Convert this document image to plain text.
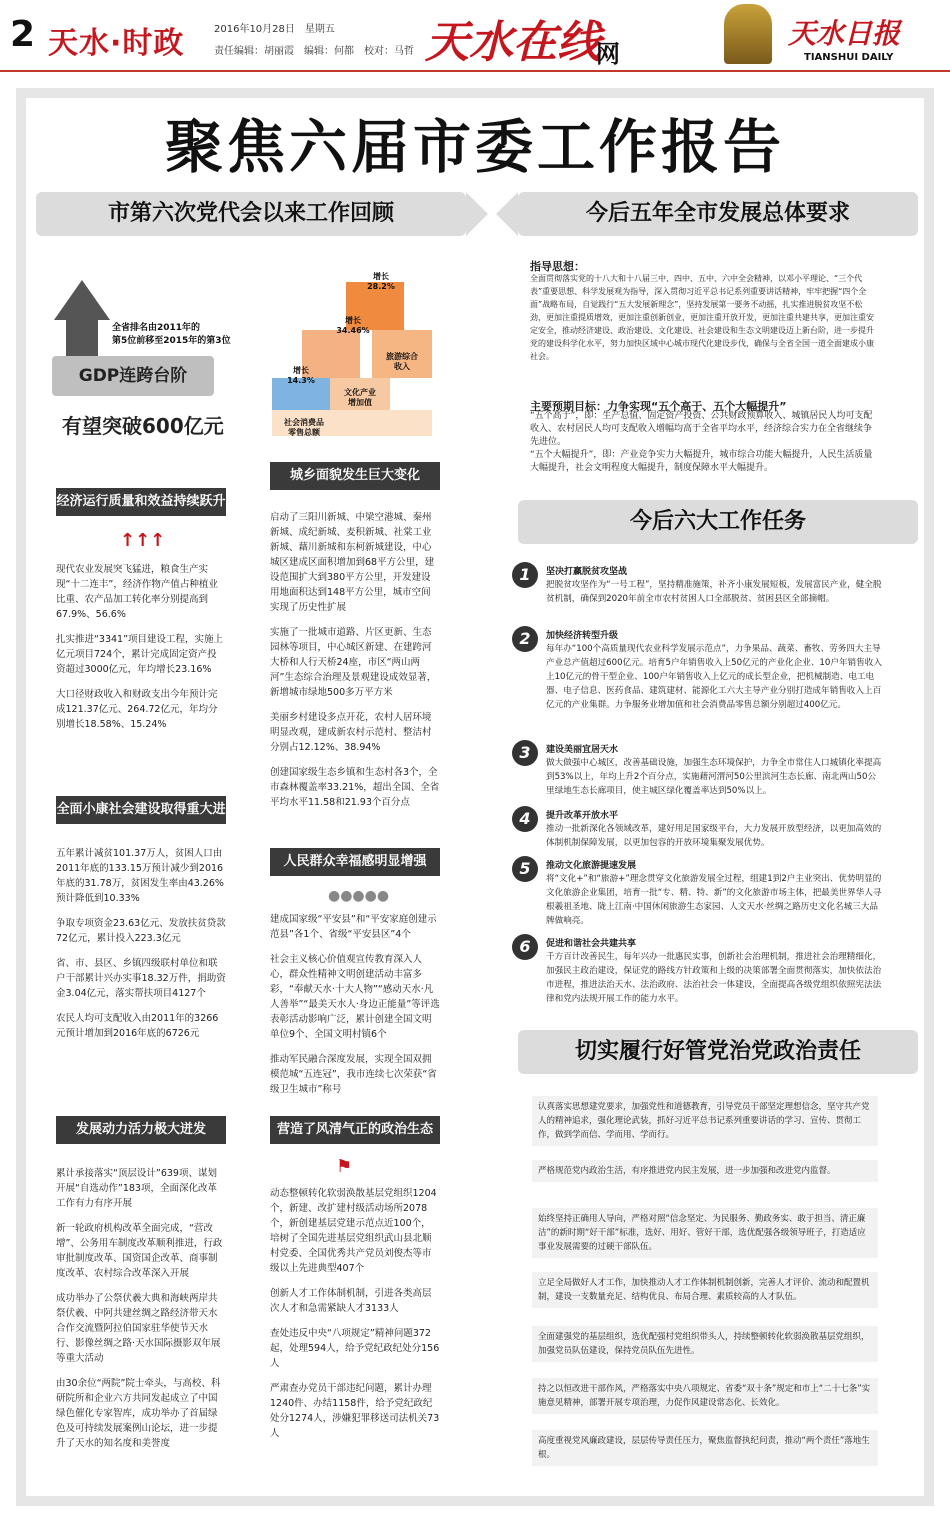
2 天水·时政	2016年10月28日　星期五
责任编辑：胡丽霞　编辑：何都　校对：马哲 天水在线
网
天水日报
TIANSHUI DAILY
聚焦六届市委工作报告
市第六次党代会以来工作回顾	今后五年全市发展总体要求
全省排名由2011年的
第5位前移至2015年的第3位
GDP连跨台阶
有望突破600亿元
增长
14.3%
增长
34.46%
增长
28.2%
社会消费品
零售总额
文化产业
增加值
旅游综合
收入
经济运行质量和效益持续跃升
↑↑↑

现代农业发展突飞猛进，粮食生产实现“十二连丰”，经济作物产值占种植业比重、农产品加工转化率分别提高到67.9%、56.6%

扎实推进“3341”项目建设工程，实施上亿元项目724个，累计完成固定资产投资超过3000亿元，年均增长23.16%

大口径财政收入和财政支出今年预计完成121.37亿元、264.72亿元，年均分别增长18.58%、15.24%

全面小康社会建设取得重大进展

五年累计减贫101.37万人，贫困人口由2011年底的133.15万预计减少到2016年底的31.78万，贫困发生率由43.26%预计降低到10.33%

争取专项资金23.63亿元、发放扶贫贷款72亿元，累计投入223.3亿元

省、市、县区、乡镇四级联村单位和联户干部累计兴办实事18.32万件，捐助资金3.04亿元，落实帮扶项目4127个

农民人均可支配收入由2011年的3266元预计增加到2016年底的6726元

发展动力活力极大迸发

累计承接落实“顶层设计”639项、谋划开展“自选动作”183项，全面深化改革工作有力有序开展

新一轮政府机构改革全面完成，“营改增”、公务用车制度改革顺利推进，行政审批制度改革、国资国企改革、商事制度改革、农村综合改革深入开展

成功举办了公祭伏羲大典和海峡两岸共祭伏羲、中阿共建丝绸之路经济带天水合作交流暨阿拉伯国家驻华使节天水行、影像丝绸之路·天水国际摄影双年展等重大活动

由30余位“两院”院士牵头，与高校、科研院所和企业六方共同发起成立了中国绿色催化专家智库，成功举办了首届绿色及可持续发展案例山论坛，进一步提升了天水的知名度和美誉度

城乡面貌发生巨大变化

启动了三阳川新城、中梁空港城、秦州新城、成纪新城、麦积新城、社棠工业新城、藉川新城和东柯新城建设，中心城区建成区面积增加到68平方公里，建设范围扩大到380平方公里，开发建设用地面积达到148平方公里，城市空间实现了历史性扩展

实施了一批城市道路、片区更新、生态园林等项目，中心城区新建、在建跨河大桥和人行天桥24座，市区“两山两河”生态综合治理及景观建设成效显著，新增城市绿地500多万平方米

美丽乡村建设多点开花，农村人居环境明显改观，建成新农村示范村、整洁村分别占12.12%、38.94%

创建国家级生态乡镇和生态村各3个，全市森林覆盖率33.21%，超出全国、全省平均水平11.58和21.93个百分点

人民群众幸福感明显增强
●●●●●

建成国家级“平安县”和“平安家庭创建示范县”各1个、省级“平安县区”4个

社会主义核心价值观宣传教育深入人心，群众性精神文明创建活动丰富多彩，“奉献天水·十大人物”“感动天水·凡人善举”“最美天水人·身边正能量”等评选表彰活动影响广泛，累计创建全国文明单位9个、全国文明村镇6个

推动军民融合深度发展，实现全国双拥模范城“五连冠”，我市连续七次荣获“省级卫生城市”称号

营造了风清气正的政治生态
⚑

动态整顿转化软弱涣散基层党组织1204个，新建、改扩建村级活动场所2078个，新创建基层党建示范点近100个，培树了全国先进基层党组织武山县北顺村党委、全国优秀共产党员刘俊杰等市级以上先进典型407个

创新人才工作体制机制，引进各类高层次人才和急需紧缺人才3133人

查处违反中央“八项规定”精神问题372起，处理594人，给予党纪政纪处分156人

严肃查办党员干部违纪问题，累计办理1240件、办结1158件，给予党纪政纪处分1274人，涉嫌犯罪移送司法机关73人

指导思想：
全面贯彻落实党的十八大和十八届三中、四中、五中、六中全会精神，以邓小平理论、“三个代表”重要思想、科学发展观为指导，深入贯彻习近平总书记系列重要讲话精神，牢牢把握“四个全面”战略布局，自觉践行“五大发展新理念”，坚持发展第一要务不动摇，扎实推进脱贫攻坚不松劲，更加注重提质增效，更加注重创新创业，更加注重开放开发，更加注重共建共享，更加注重安定安全，推动经济建设、政治建设、文化建设、社会建设和生态文明建设迈上新台阶，进一步提升党的建设科学化水平，努力加快区域中心城市现代化建设步伐，确保与全省全国一道全面建成小康社会。
主要预期目标：力争实现“五个高于、五个大幅提升”
“五个高于”，即：生产总值、固定资产投资、公共财政预算收入、城镇居民人均可支配收入、农村居民人均可支配收入增幅均高于全省平均水平，经济综合实力在全省继续争先进位。
“五个大幅提升”，即：产业竞争实力大幅提升，城市综合功能大幅提升，人民生活质量大幅提升，社会文明程度大幅提升，制度保障水平大幅提升。
今后六大工作任务
1	坚决打赢脱贫攻坚战
把脱贫攻坚作为“一号工程”，坚持精准施策，补齐小康发展短板，发展富民产业，健全脱贫机制，确保到2020年前全市农村贫困人口全部脱贫、贫困县区全部摘帽。
2	加快经济转型升级
每年办“100个高质量现代农业科学发展示范点”，力争果品、蔬菜、畜牧、劳务四大主导产业总产值超过600亿元。培育5户年销售收入上50亿元的产业化企业、10户年销售收入上10亿元的骨干型企业、100户年销售收入上亿元的成长型企业，把机械制造、电工电器、电子信息、医药食品、建筑建材、能源化工六大主导产业分别打造成年销售收入上百亿元的产业集群。力争服务业增加值和社会消费品零售总额分别超过400亿元。
3	建设美丽宜居天水
做大做强中心城区，改善基础设施，加强生态环境保护，力争全市常住人口城镇化率提高到53%以上，年均上升2个百分点，实施藉河渭河50公里滨河生态长廊、南北两山50公里绿地生态长廊项目，使主城区绿化覆盖率达到50%以上。
4	提升改革开放水平
推动一批新深化各领域改革，建好用足国家级平台，大力发展开放型经济，以更加高效的体制机制保障发展，以更加包容的开放环境集聚发展优势。
5	推动文化旅游提速发展
将“文化+”和“旅游+”理念贯穿文化旅游发展全过程，组建1到2户主业突出、优势明显的文化旅游企业集团，培育一批“专、精、特、新”的文化旅游市场主体，把最美世界华人寻根羲祖圣地、陇上江南·中国休闲旅游生态家园、人文天水·丝绸之路历史文化名城三大品牌做响亮。
6	促进和谐社会共建共享
千方百计改善民生，每年兴办一批惠民实事，创新社会治理机制，推进社会治理精细化，加强民主政治建设，保证党的路线方针政策和上级的决策部署全面贯彻落实，加快依法治市进程，推进法治天水、法治政府、法治社会一体建设，全面提高各级党组织依照宪法法律和党内法规开展工作的能力水平。
切实履行好管党治党政治责任
认真落实思想建党要求，加强党性和道德教育，引导党员干部坚定理想信念，坚守共产党人的精神追求，强化理论武装，抓好习近平总书记系列重要讲话的学习、宣传、贯彻工作，做到学而信、学而用、学而行。
严格规范党内政治生活，有序推进党内民主发展，进一步加强和改进党内监督。
始终坚持正确用人导向，严格对照“信念坚定、为民服务、勤政务实、敢于担当、清正廉洁”的新时期“好干部”标准，选好、用好、管好干部，选优配强各级领导班子，打造适应事业发展需要的过硬干部队伍。
立足全局做好人才工作，加快推动人才工作体制机制创新，完善人才评价、流动和配置机制，建设一支数量充足、结构优良、布局合理、素质较高的人才队伍。
全面建强党的基层组织，选优配强村党组织带头人，持续整顿转化软弱涣散基层党组织，加强党员队伍建设，保持党员队伍先进性。
持之以恒改进干部作风，严格落实中央八项规定、省委“双十条”规定和市上“二十七条”实施意见精神，部署开展专项治理，力促作风建设常态化、长效化。
高度重视党风廉政建设，层层传导责任压力，聚焦监督执纪问责，推动“两个责任”落地生根。
